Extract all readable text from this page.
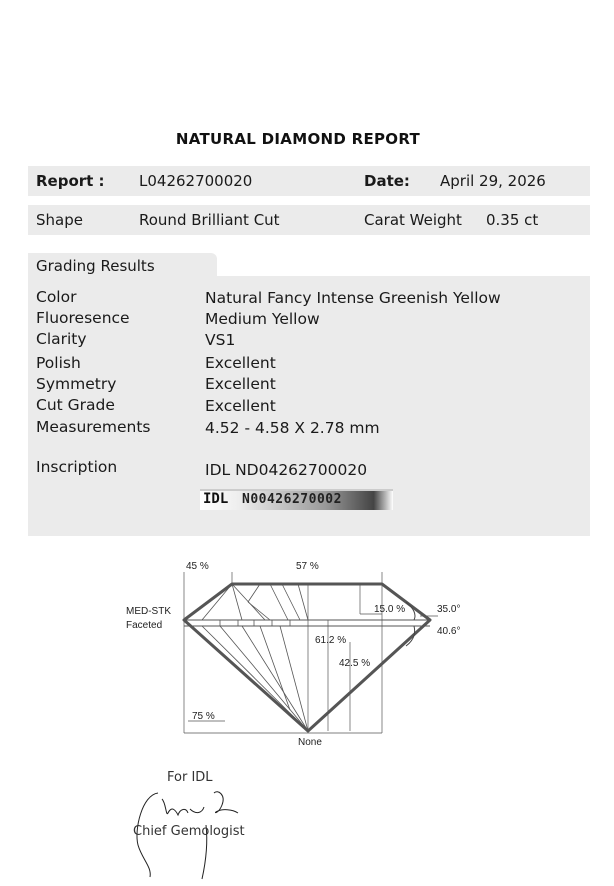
NATURAL DIAMOND REPORT
Report : L04262700020	Date: April 29, 2026
Shape	Round Brilliant Cut	Carat Weight 0.35 ct
Grading Results
Color	Natural Fancy Intense Greenish Yellow
Fluoresence	Medium Yellow
Clarity	VS1
Polish	Excellent
Symmetry	Excellent
Cut Grade	Excellent
Measurements	4.52 - 4.58 X 2.78 mm
Inscription	IDL ND04262700020
IDL N00426270002
45 %	57 %
MED-STK
Faceted
15.0 %	35.0°
40.6°
61.2 %
42.5 %
75 %
None
For IDL
Chief Gemologist
